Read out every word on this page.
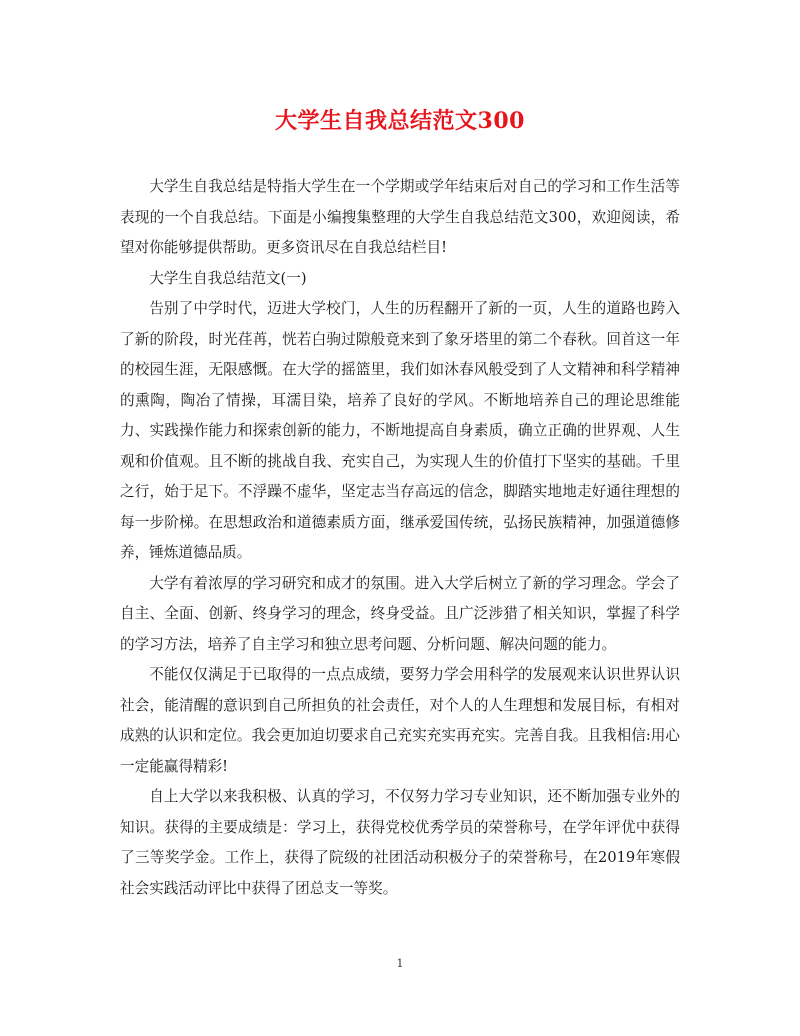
大学生自我总结范文300

大学生自我总结是特指大学生在一个学期或学年结束后对自己的学习和工作生活等表现的一个自我总结。下面是小编搜集整理的大学生自我总结范文300，欢迎阅读，希望对你能够提供帮助。更多资讯尽在自我总结栏目!

大学生自我总结范文(一)

告别了中学时代，迈进大学校门，人生的历程翻开了新的一页，人生的道路也跨入了新的阶段，时光荏苒，恍若白驹过隙般竟来到了象牙塔里的第二个春秋。回首这一年的校园生涯，无限感慨。在大学的摇篮里，我们如沐春风般受到了人文精神和科学精神的熏陶，陶冶了情操，耳濡目染，培养了良好的学风。不断地培养自己的理论思维能力、实践操作能力和探索创新的能力，不断地提高自身素质，确立正确的世界观、人生观和价值观。且不断的挑战自我、充实自己，为实现人生的价值打下坚实的基础。千里之行，始于足下。不浮躁不虚华，坚定志当存高远的信念，脚踏实地地走好通往理想的每一步阶梯。在思想政治和道德素质方面，继承爱国传统，弘扬民族精神，加强道德修养，锤炼道德品质。

大学有着浓厚的学习研究和成才的氛围。进入大学后树立了新的学习理念。学会了自主、全面、创新、终身学习的理念，终身受益。且广泛涉猎了相关知识，掌握了科学的学习方法，培养了自主学习和独立思考问题、分析问题、解决问题的能力。

不能仅仅满足于已取得的一点点成绩，要努力学会用科学的发展观来认识世界认识社会，能清醒的意识到自己所担负的社会责任，对个人的人生理想和发展目标，有相对成熟的认识和定位。我会更加迫切要求自己充实充实再充实。完善自我。且我相信:用心一定能赢得精彩!

自上大学以来我积极、认真的学习，不仅努力学习专业知识，还不断加强专业外的知识。获得的主要成绩是：学习上，获得党校优秀学员的荣誉称号，在学年评优中获得了三等奖学金。工作上，获得了院级的社团活动积极分子的荣誉称号，在2019年寒假社会实践活动评比中获得了团总支一等奖。

1
